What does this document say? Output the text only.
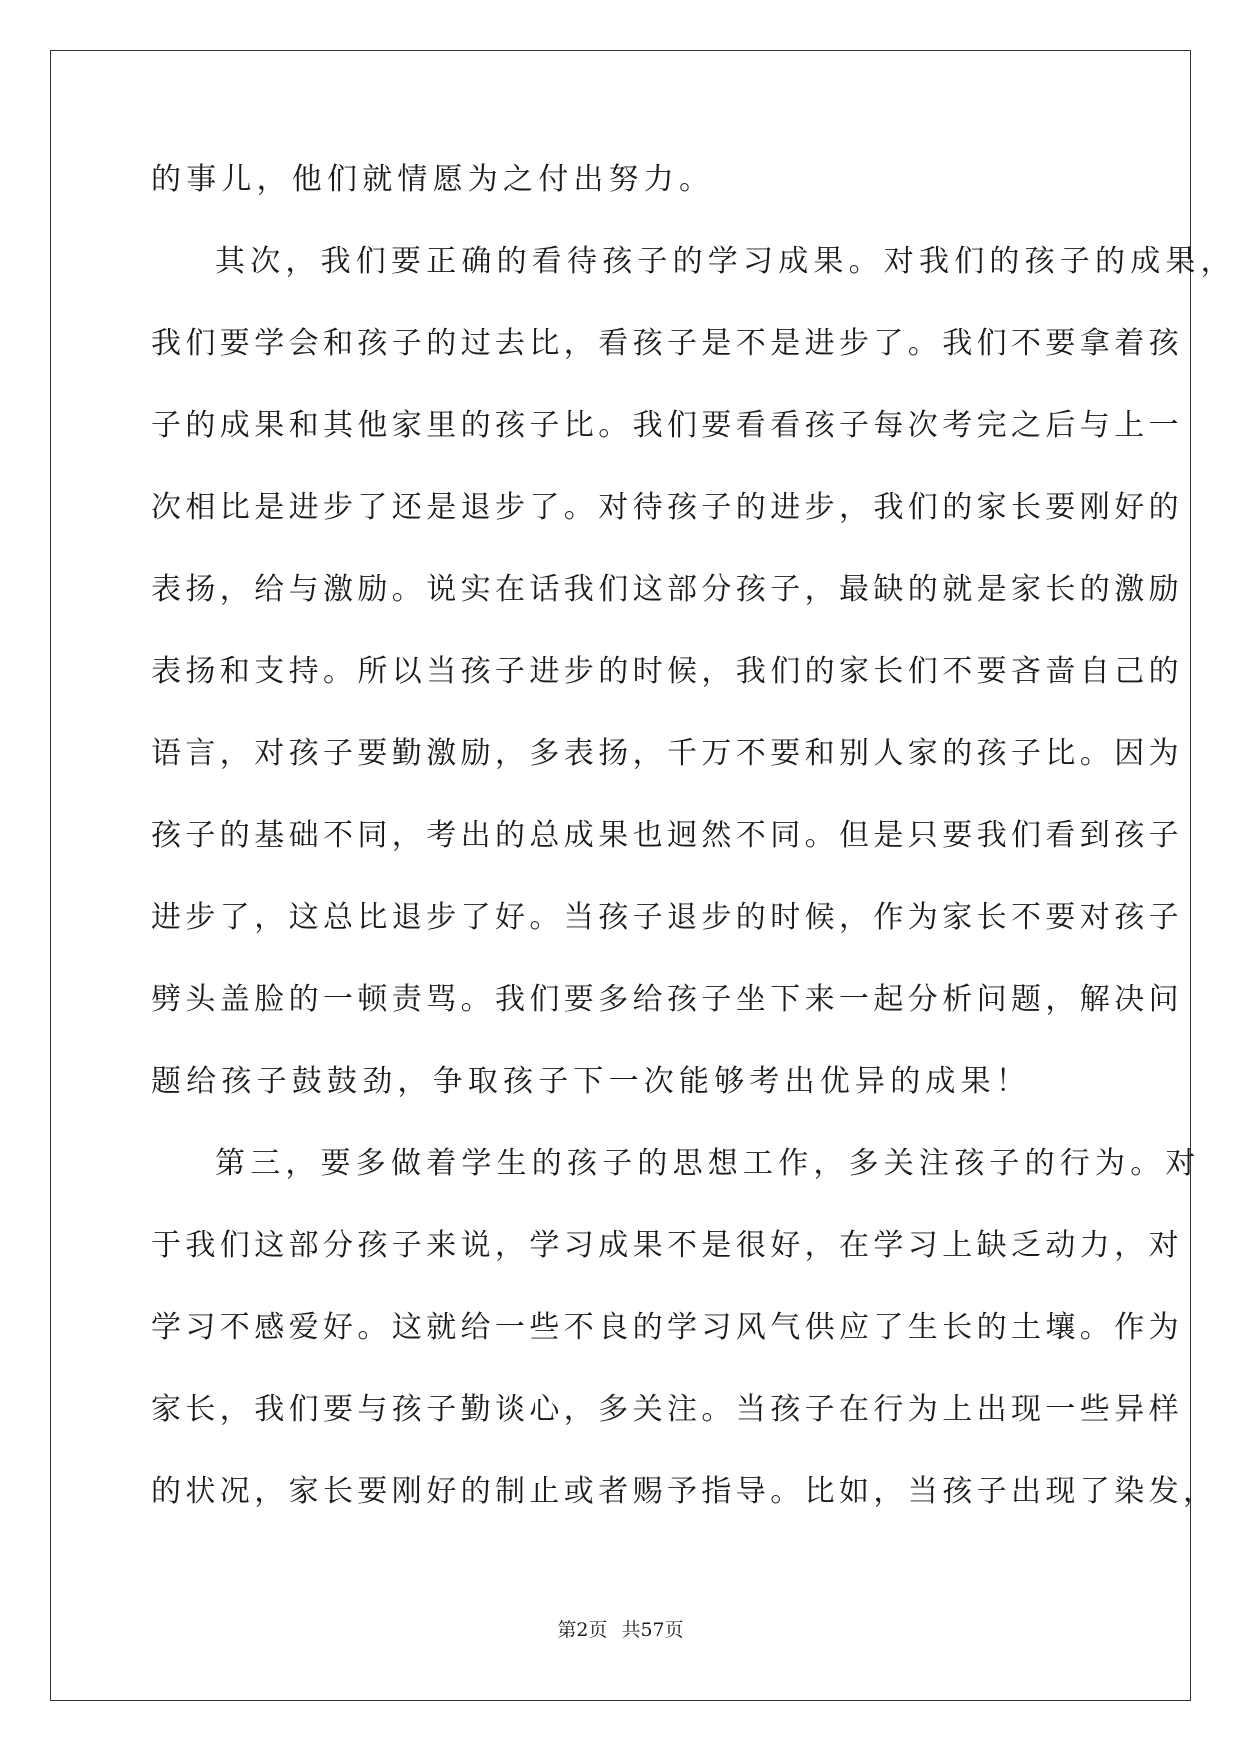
的事儿，他们就情愿为之付出努力。
其次，我们要正确的看待孩子的学习成果。对我们的孩子的成果，
我们要学会和孩子的过去比，看孩子是不是进步了。我们不要拿着孩
子的成果和其他家里的孩子比。我们要看看孩子每次考完之后与上一
次相比是进步了还是退步了。对待孩子的进步，我们的家长要刚好的
表扬，给与激励。说实在话我们这部分孩子，最缺的就是家长的激励
表扬和支持。所以当孩子进步的时候，我们的家长们不要吝啬自己的
语言，对孩子要勤激励，多表扬，千万不要和别人家的孩子比。因为
孩子的基础不同，考出的总成果也迥然不同。但是只要我们看到孩子
进步了，这总比退步了好。当孩子退步的时候，作为家长不要对孩子
劈头盖脸的一顿责骂。我们要多给孩子坐下来一起分析问题，解决问
题给孩子鼓鼓劲，争取孩子下一次能够考出优异的成果！
第三，要多做着学生的孩子的思想工作，多关注孩子的行为。对
于我们这部分孩子来说，学习成果不是很好，在学习上缺乏动力，对
学习不感爱好。这就给一些不良的学习风气供应了生长的土壤。作为
家长，我们要与孩子勤谈心，多关注。当孩子在行为上出现一些异样
的状况，家长要刚好的制止或者赐予指导。比如，当孩子出现了染发，
第2页 共57页
